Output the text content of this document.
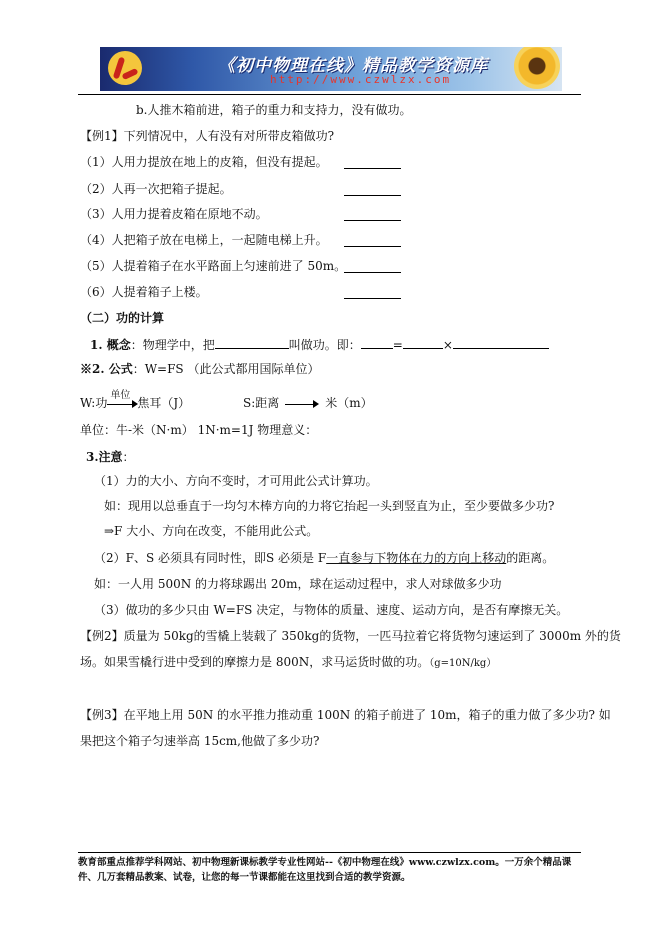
《初中物理在线》精品教学资源库
http://www.czwlzx.com
b.人推木箱前进，箱子的重力和支持力，没有做功。
【例1】下列情况中，人有没有对所带皮箱做功?
（1）人用力提放在地上的皮箱，但没有提起。
（2）人再一次把箱子提起。
（3）人用力提着皮箱在原地不动。
（4）人把箱子放在电梯上，一起随电梯上升。
（5）人提着箱子在水平路面上匀速前进了 50m。
（6）人提着箱子上楼。
（二）功的计算
1. 概念：物理学中，把	叫做功。即：	=	×
※2. 公式：W=FS （此公式都用国际单位）
W:功
单位
焦耳（J）	S:距离	米（m）
单位：牛-米（N·m） 1N·m=1J 物理意义：
3.注意：
（1）力的大小、方向不变时，才可用此公式计算功。
如：现用以总垂直于一均匀木棒方向的力将它抬起一头到竖直为止，至少要做多少功?
⇒F 大小、方向在改变，不能用此公式。
（2）F、S 必须具有同时性，即S 必须是 F一直参与下物体在力的方向上移动的距离。
如：一人用 500N 的力将球踢出 20m，球在运动过程中，求人对球做多少功
（3）做功的多少只由 W=FS 决定，与物体的质量、速度、运动方向，是否有摩擦无关。
【例2】质量为 50kg的雪橇上装载了 350kg的货物，一匹马拉着它将货物匀速运到了 3000m 外的货
场。如果雪橇行进中受到的摩擦力是 800N，求马运货时做的功。（g=10N/kg）
【例3】在平地上用 50N 的水平推力推动重 100N 的箱子前进了 10m，箱子的重力做了多少功? 如
果把这个箱子匀速举高 15cm,他做了多少功?
教育部重点推荐学科网站、初中物理新课标教学专业性网站--《初中物理在线》www.czwlzx.com。一万余个精品课
件、几万套精品教案、试卷，让您的每一节课都能在这里找到合适的教学资源。
